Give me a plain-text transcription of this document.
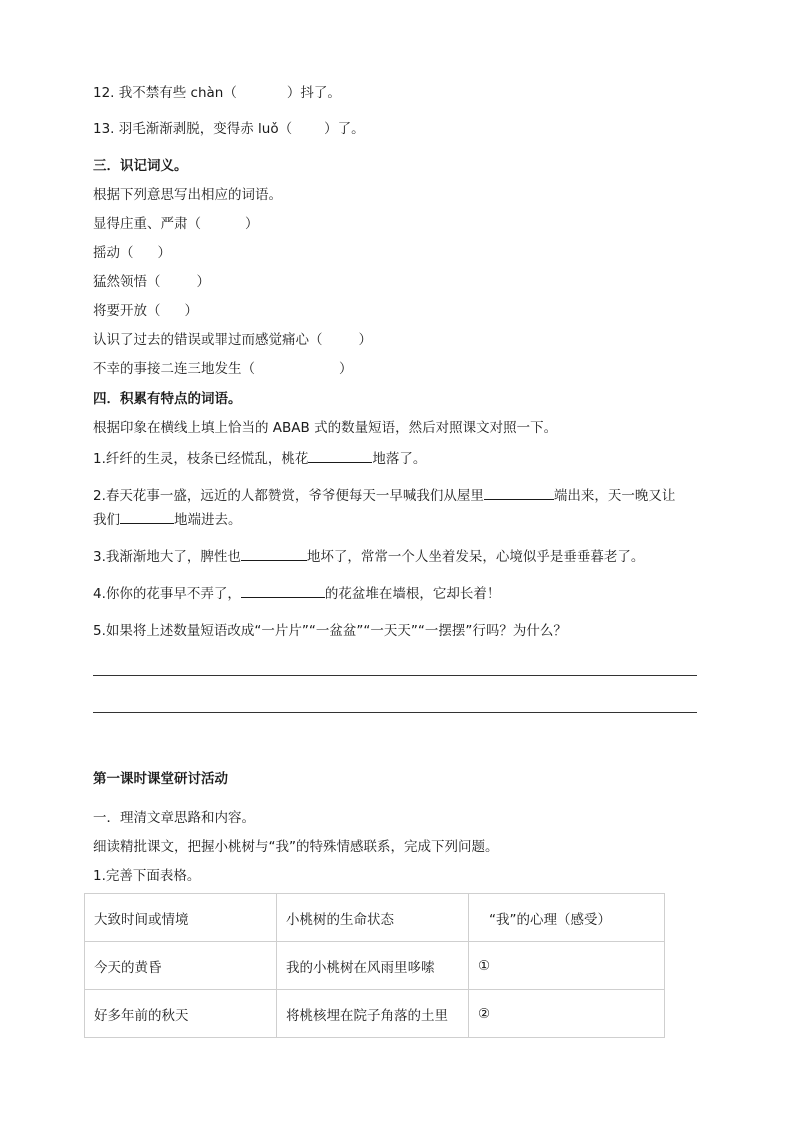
12. 我不禁有些 chàn（	）抖了。
13. 羽毛渐渐剥脱，变得赤 luǒ（ ）了。
三．识记词义。
根据下列意思写出相应的词语。
显得庄重、严肃（	）
摇动（ ）
猛然领悟（	）
将要开放（ ）
认识了过去的错误或罪过而感觉痛心（	）
不幸的事接二连三地发生（	）
四．积累有特点的词语。
根据印象在横线上填上恰当的 ABAB 式的数量短语，然后对照课文对照一下。
1.纤纤的生灵，枝条已经慌乱，桃花	地落了。
2.春天花事一盛，远近的人都赞赏，爷爷便每天一早喊我们从屋里	端出来，天一晚又让
我们	地端进去。
3.我渐渐地大了，脾性也	地坏了，常常一个人坐着发呆，心境似乎是垂垂暮老了。
4.你你的花事早不弄了，	的花盆堆在墙根，它却长着！
5.如果将上述数量短语改成“一片片”“一盆盆”“一天天”“一摆摆”行吗？为什么？
第一课时课堂研讨活动
一．理清文章思路和内容。
细读精批课文，把握小桃树与“我”的特殊情感联系，完成下列问题。
1.完善下面表格。
大致时间或情境	小桃树的生命状态	“我”的心理（感受）
今天的黄昏	我的小桃树在风雨里哆嗦	①
好多年前的秋天	将桃核埋在院子角落的土里	②
